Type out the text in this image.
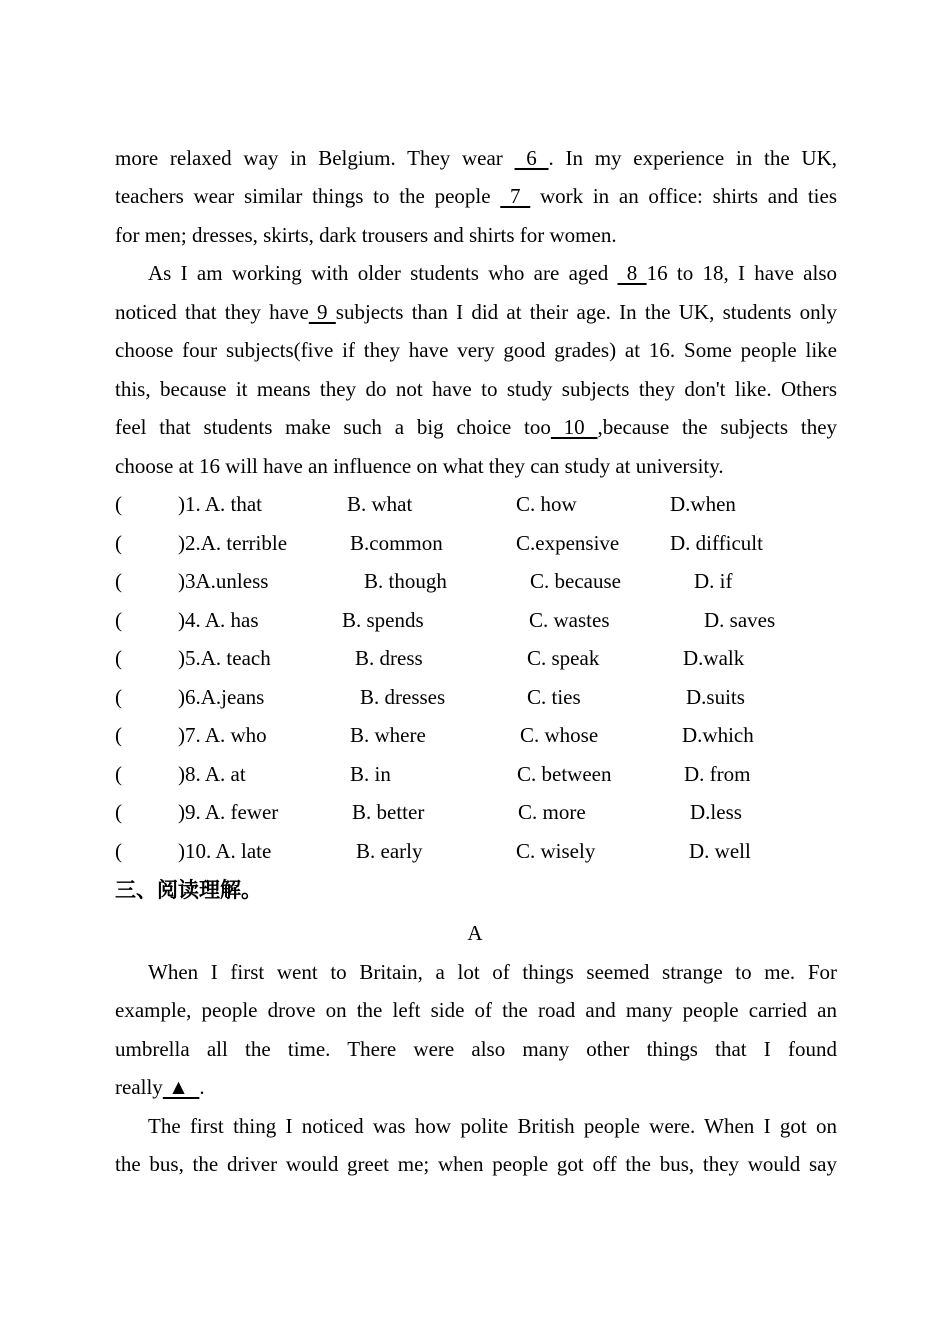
more relaxed way in Belgium. They wear  6 . In my experience in the UK,
teachers wear similar things to the people  7  work in an office: shirts and ties
for men; dresses, skirts, dark trousers and shirts for women.
As I am working with older students who are aged  8 16 to 18, I have also
noticed that they have 9 subjects than I did at their age. In the UK, students only
choose four subjects(five if they have very good grades) at 16. Some people like
this, because it means they do not have to study subjects they don't like. Others
feel that students make such a big choice too 10 ,because the subjects they
choose at 16 will have an influence on what they can study at university.
(	)1. A. that	B. what	C. how	D.when
(	)2.A. terrible	B.common	C.expensive D. difficult
(	)3A.unless	B. though	C. because	D. if
(	)4. A. has	B. spends	C. wastes	D. saves
(	)5.A. teach	B. dress	C. speak	D.walk
(	)6.A.jeans	B. dresses	C. ties	D.suits
(	)7. A. who	B. where	C. whose	D.which
(	)8. A. at	B. in	C. between	D. from
(	)9. A. fewer	B. better	C. more	D.less
(	)10. A. late	B. early	C. wisely	D. well
三、阅读理解。
A
When I first went to Britain, a lot of things seemed strange to me. For
example, people drove on the left side of the road and many people carried an
umbrella all the time. There were also many other things that I found
really ▲  .
The first thing I noticed was how polite British people were. When I got on
the bus, the driver would greet me; when people got off the bus, they would say
